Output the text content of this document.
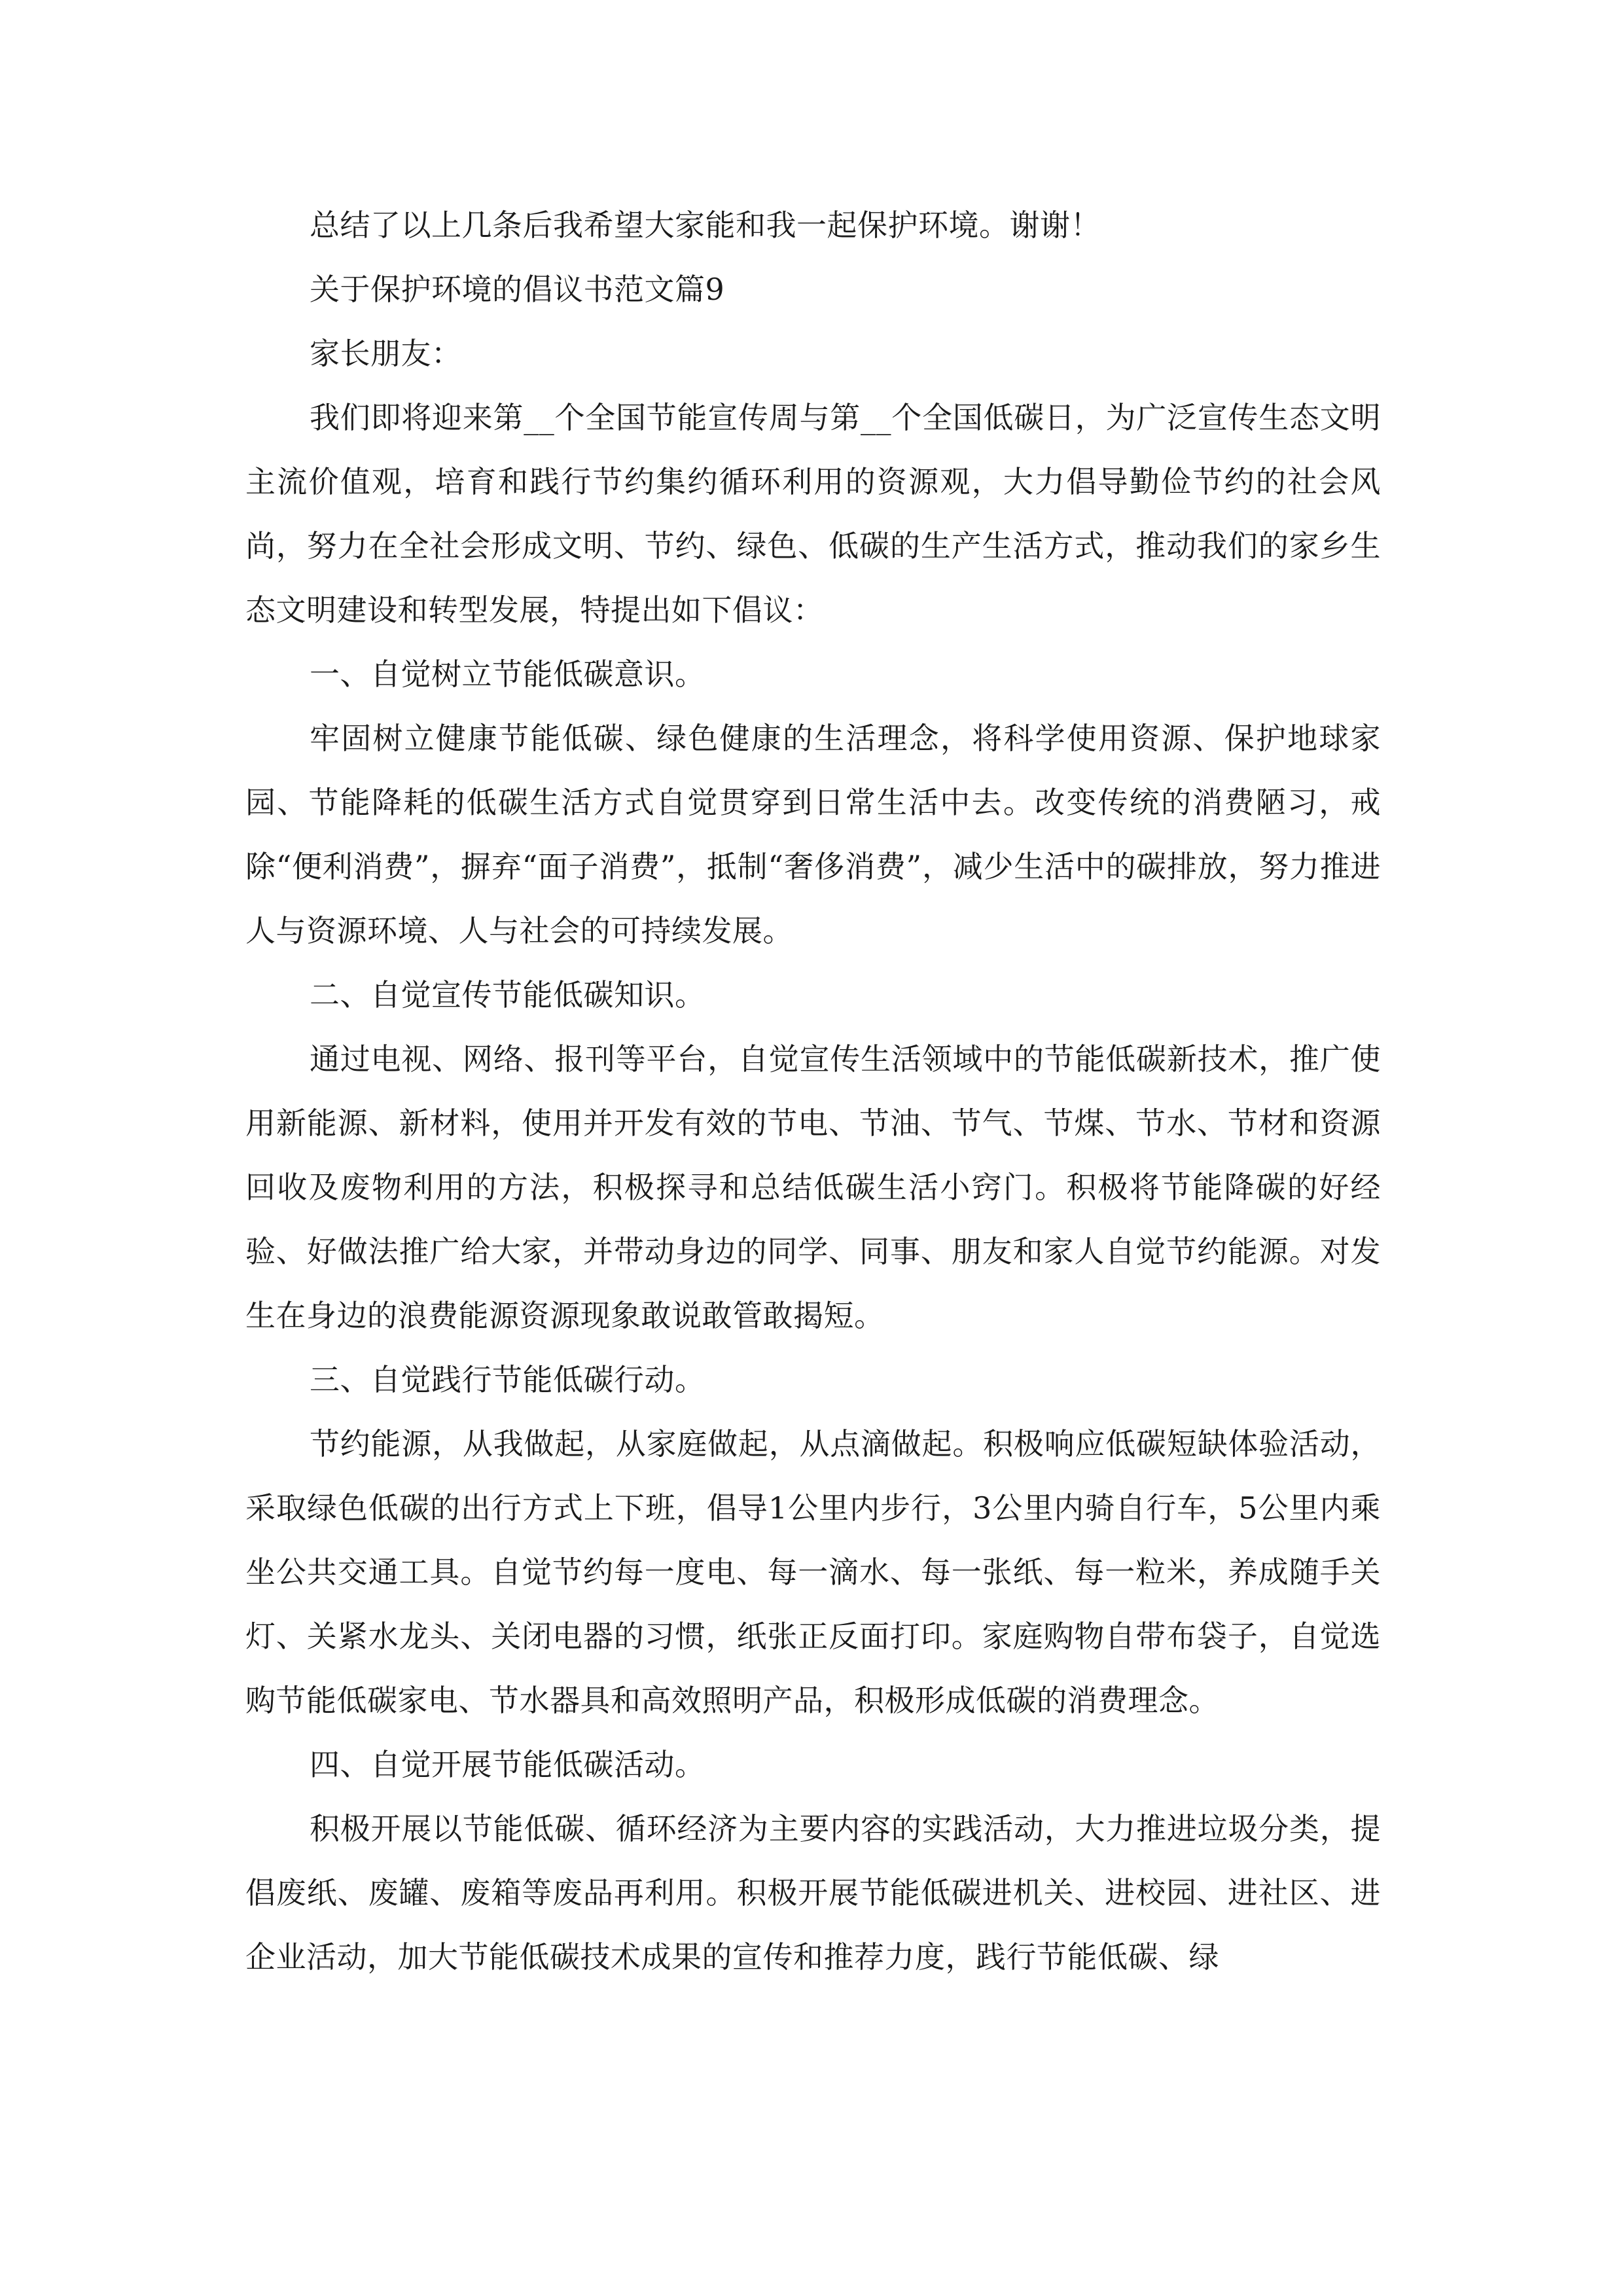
总结了以上几条后我希望大家能和我一起保护环境。谢谢！

关于保护环境的倡议书范文篇9

家长朋友：

我们即将迎来第__个全国节能宣传周与第__个全国低碳日，为广泛宣传生态文明主流价值观，培育和践行节约集约循环利用的资源观，大力倡导勤俭节约的社会风尚，努力在全社会形成文明、节约、绿色、低碳的生产生活方式，推动我们的家乡生态文明建设和转型发展，特提出如下倡议：

一、自觉树立节能低碳意识。

牢固树立健康节能低碳、绿色健康的生活理念，将科学使用资源、保护地球家园、节能降耗的低碳生活方式自觉贯穿到日常生活中去。改变传统的消费陋习，戒除“便利消费”，摒弃“面子消费”，抵制“奢侈消费”，减少生活中的碳排放，努力推进人与资源环境、人与社会的可持续发展。

二、自觉宣传节能低碳知识。

通过电视、网络、报刊等平台，自觉宣传生活领域中的节能低碳新技术，推广使用新能源、新材料，使用并开发有效的节电、节油、节气、节煤、节水、节材和资源回收及废物利用的方法，积极探寻和总结低碳生活小窍门。积极将节能降碳的好经验、好做法推广给大家，并带动身边的同学、同事、朋友和家人自觉节约能源。对发生在身边的浪费能源资源现象敢说敢管敢揭短。

三、自觉践行节能低碳行动。

节约能源，从我做起，从家庭做起，从点滴做起。积极响应低碳短缺体验活动，采取绿色低碳的出行方式上下班，倡导1公里内步行，3公里内骑自行车，5公里内乘坐公共交通工具。自觉节约每一度电、每一滴水、每一张纸、每一粒米，养成随手关灯、关紧水龙头、关闭电器的习惯，纸张正反面打印。家庭购物自带布袋子，自觉选购节能低碳家电、节水器具和高效照明产品，积极形成低碳的消费理念。

四、自觉开展节能低碳活动。

积极开展以节能低碳、循环经济为主要内容的实践活动，大力推进垃圾分类，提倡废纸、废罐、废箱等废品再利用。积极开展节能低碳进机关、进校园、进社区、进企业活动，加大节能低碳技术成果的宣传和推荐力度，践行节能低碳、绿
